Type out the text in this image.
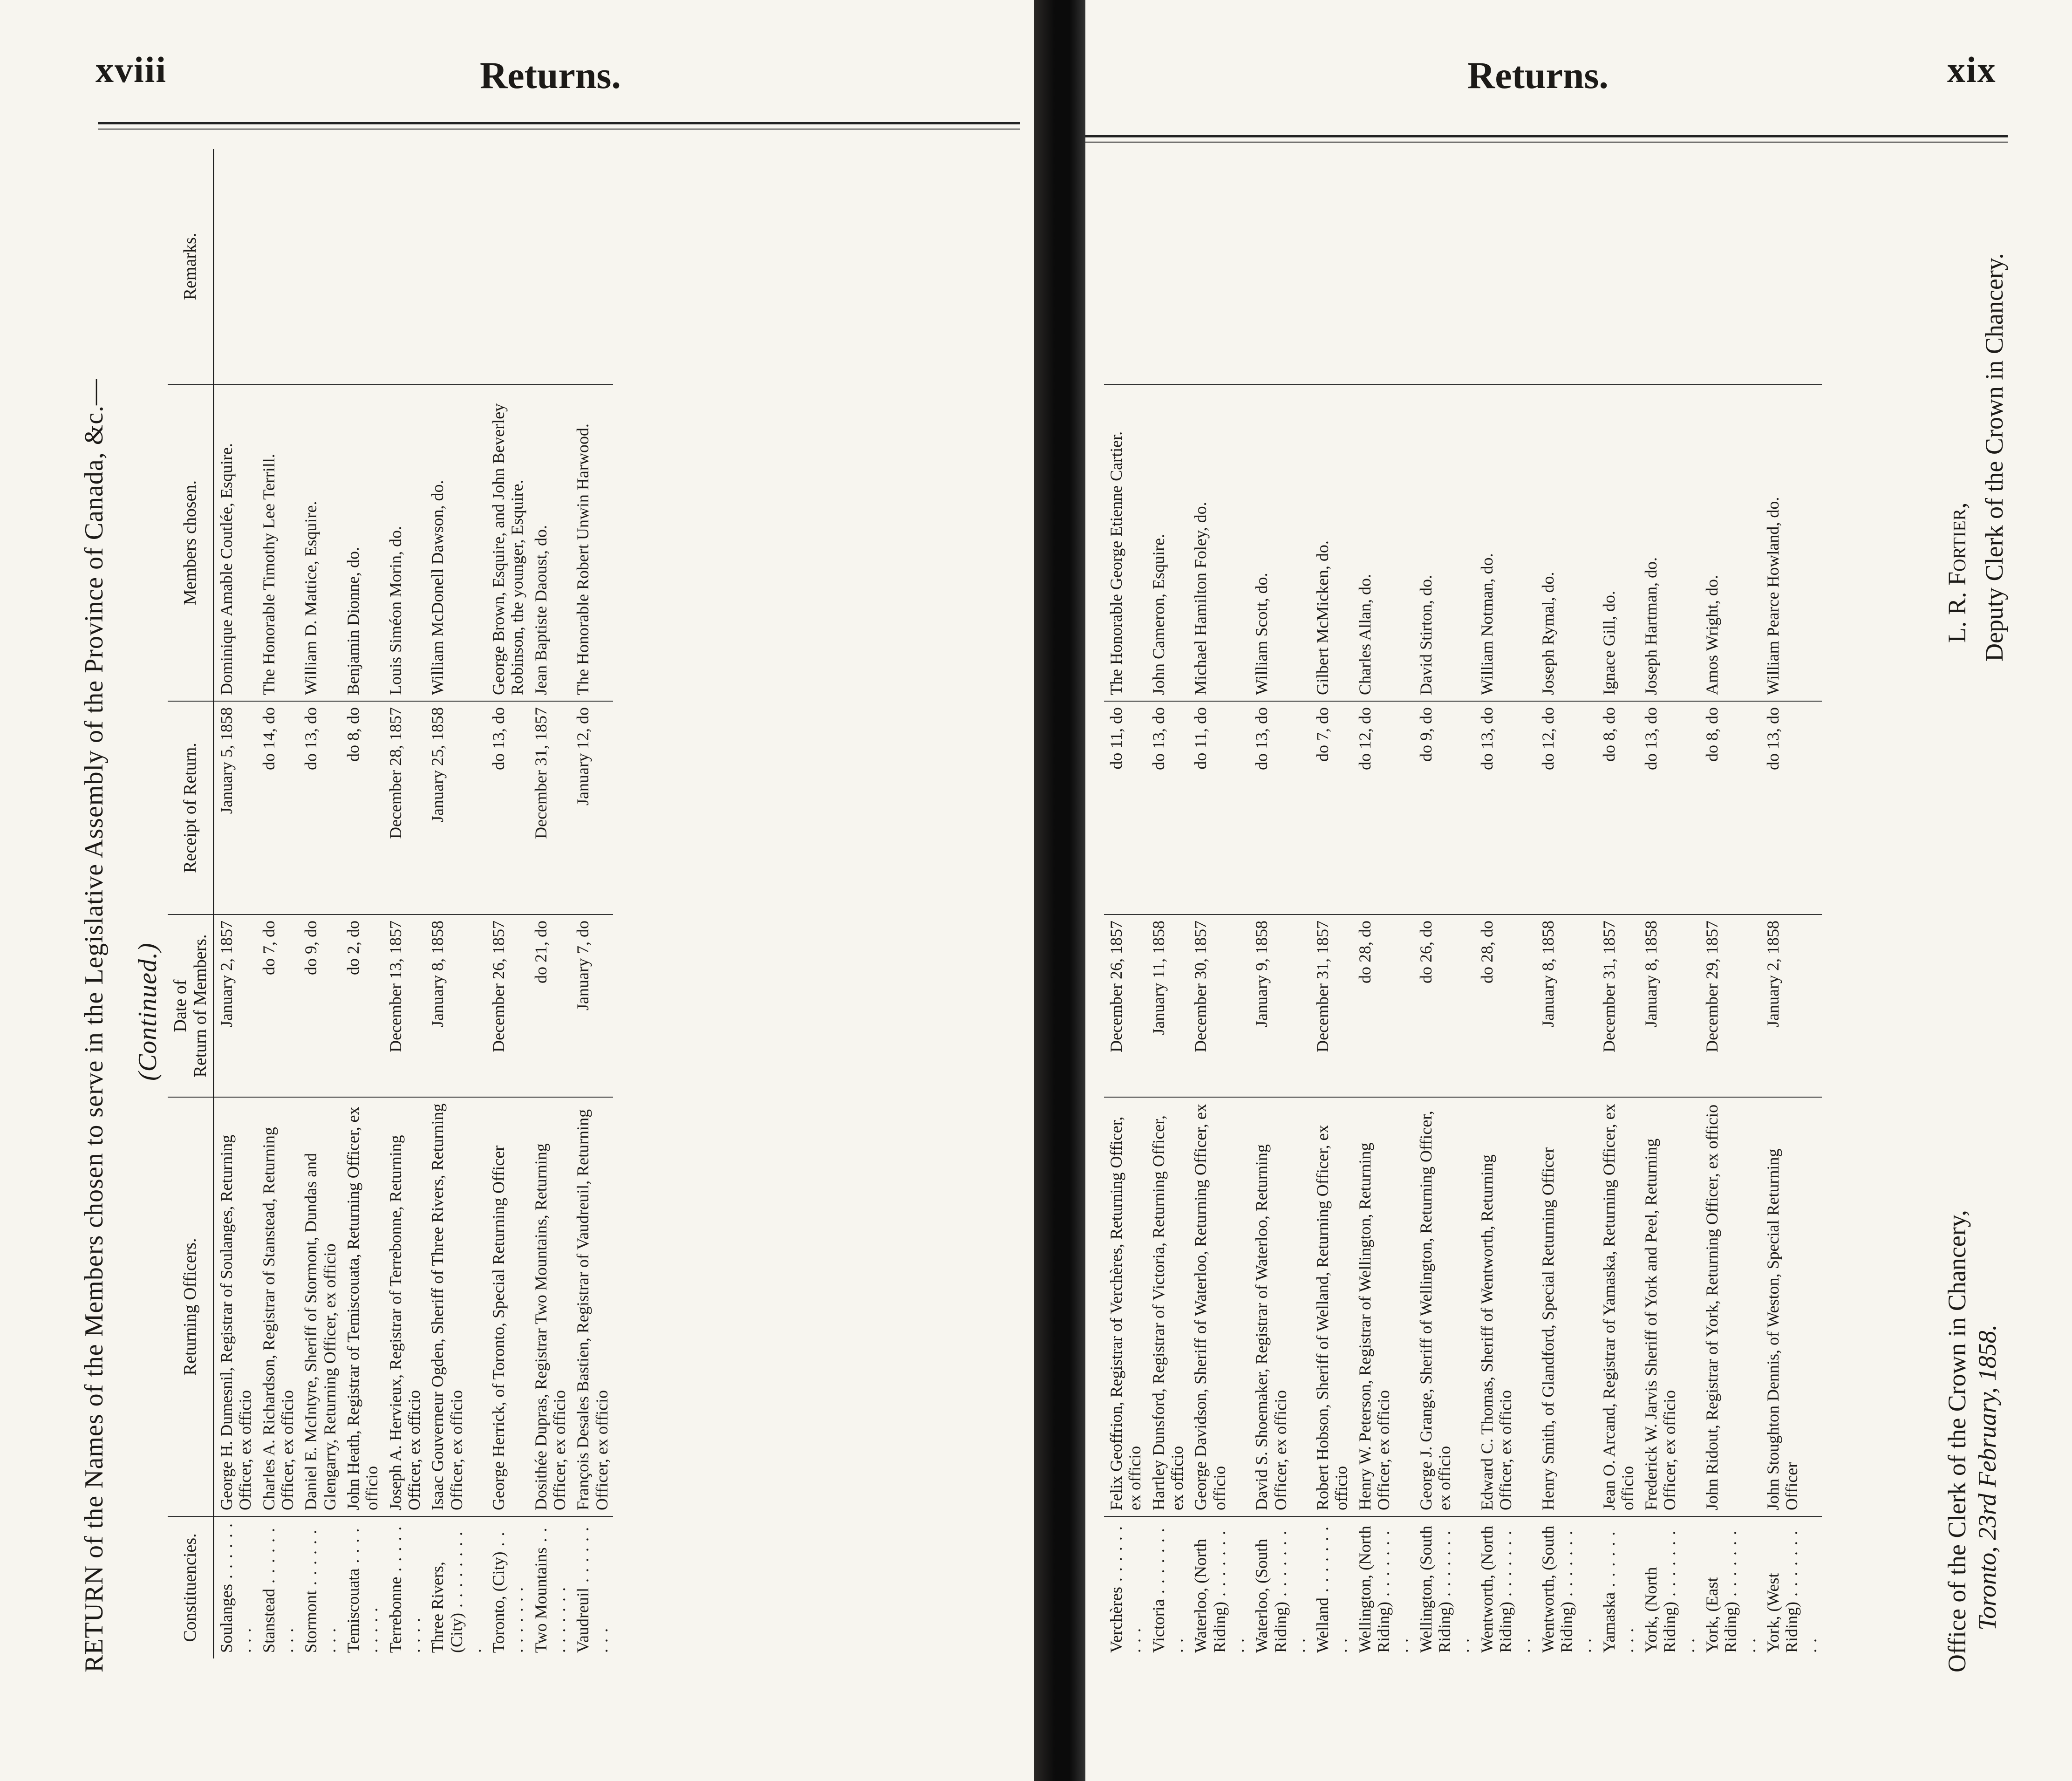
xviii	Returns.
RETURN of the Names of the Members chosen to serve in the Legislative Assembly of the Province of Canada, &c.— (Continued.)
Constituencies.	Returning Officers.	Date of
Return of Members.	Receipt of Return.	Members chosen.	Remarks.
Soulanges . . .	George H. Dumesnil, Registrar of Soulanges, Returning Officer, ex officio	January 2, 1857	January 5, 1858	Dominique Amable Coutlée, Esquire.	
Stanstead . . .	Charles A. Richardson, Registrar of Stanstead, Returning Officer, ex officio	do 7, do	do 14, do	The Honorable Timothy Lee Terrill.	
Stormont . . .	Daniel E. McIntyre, Sheriff of Stormont, Dundas and Glengarry, Returning Officer, ex officio	do 9, do	do 13, do	William D. Mattice, Esquire.	
Temiscouata . . .	John Heath, Registrar of Temiscouata, Returning Officer, ex officio	do 2, do	do 8, do	Benjamin Dionne, do.	
Terrebonne . . .	Joseph A. Hervieux, Registrar of Terrebonne, Returning Officer, ex officio	December 13, 1857	December 28, 1857	Louis Siméon Morin, do.	
Three Rivers, (City) . . .	Isaac Gouverneur Ogden, Sheriff of Three Rivers, Returning Officer, ex officio	January 8, 1858	January 25, 1858	William McDonell Dawson, do.	
Toronto, (City) . . .	George Herrick, of Toronto, Special Returning Officer	December 26, 1857	do 13, do	George Brown, Esquire, and John Beverley Robinson, the younger, Esquire.	
Two Mountains . . .	Dosithée Dupras, Registrar Two Mountains, Returning Officer, ex officio	do 21, do	December 31, 1857	Jean Baptiste Daoust, do.	
Vaudreuil . . .	François Desales Bastien, Registrar of Vaudreuil, Returning Officer, ex officio	January 7, do	January 12, do	The Honorable Robert Unwin Harwood.	
Returns.	xix
Verchères . . .	Felix Geoffrion, Registrar of Verchères, Returning Officer, ex officio	December 26, 1857	do 11, do	The Honorable George Etienne Cartier.	
Victoria . . .	Hartley Dunsford, Registrar of Victoria, Returning Officer, ex officio	January 11, 1858	do 13, do	John Cameron, Esquire.	
Waterloo, (North Riding) . . .	George Davidson, Sheriff of Waterloo, Returning Officer, ex officio	December 30, 1857	do 11, do	Michael Hamilton Foley, do.	
Waterloo, (South Riding) . . .	David S. Shoemaker, Registrar of Waterloo, Returning Officer, ex officio	January 9, 1858	do 13, do	William Scott, do.	
Welland . . .	Robert Hobson, Sheriff of Welland, Returning Officer, ex officio	December 31, 1857	do 7, do	Gilbert McMicken, do.	
Wellington, (North Riding) . . .	Henry W. Peterson, Registrar of Wellington, Returning Officer, ex officio	do 28, do	do 12, do	Charles Allan, do.	
Wellington, (South Riding) . . .	George J. Grange, Sheriff of Wellington, Returning Officer, ex officio	do 26, do	do 9, do	David Stirton, do.	
Wentworth, (North Riding) . . .	Edward C. Thomas, Sheriff of Wentworth, Returning Officer, ex officio	do 28, do	do 13, do	William Notman, do.	
Wentworth, (South Riding) . . .	Henry Smith, of Glandford, Special Returning Officer	January 8, 1858	do 12, do	Joseph Rymal, do.	
Yamaska . . .	Jean O. Arcand, Registrar of Yamaska, Returning Officer, ex officio	December 31, 1857	do 8, do	Ignace Gill, do.	
York, (North Riding) . . .	Frederick W. Jarvis Sheriff of York and Peel, Returning Officer, ex officio	January 8, 1858	do 13, do	Joseph Hartman, do.	
York, (East Riding) . . .	John Ridout, Registrar of York, Returning Officer, ex officio	December 29, 1857	do 8, do	Amos Wright, do.	
York, (West Riding) . . .	John Stoughton Dennis, of Weston, Special Returning Officer	January 2, 1858	do 13, do	William Pearce Howland, do.	
Office of the Clerk of the Crown in Chancery, Toronto, 23rd February, 1858.
L. R. Fortier, Deputy Clerk of the Crown in Chancery.
